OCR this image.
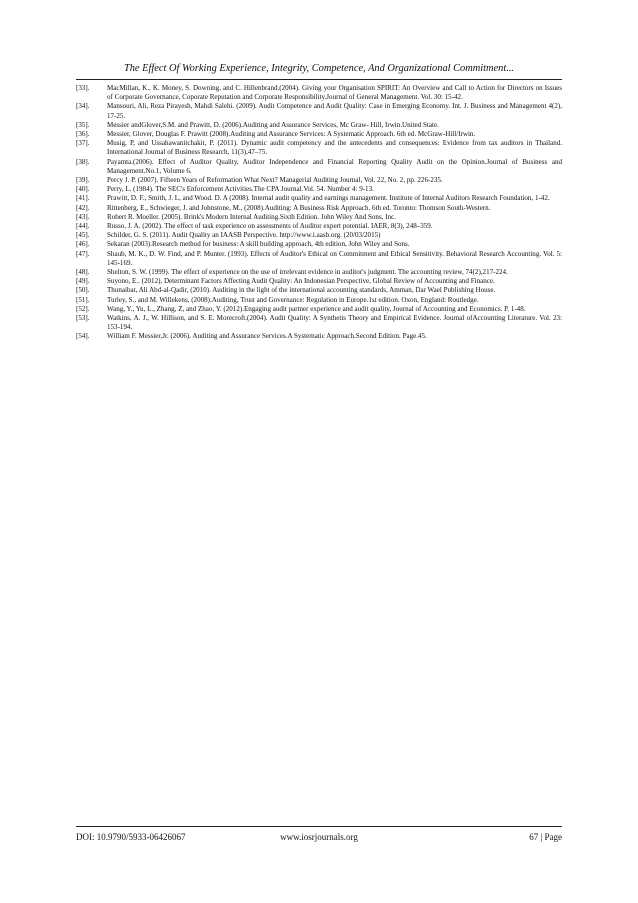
The Effect Of Working Experience, Integrity, Competence, And Organizational Commitment...
[33].	MacMillan, K., K. Money, S. Downing, and C. Hillenbrand.(2004). Giving your Organisation SPIRIT: An Overview and Call to Action for Directors on Issues of Corporate Governance, Coporate Reputation and Corporate Responsibility.Journal of General Management. Vol. 30: 15-42.
[34].	Mansouri, Ali, Reza Pirayesh, Mahdi Salehi. (2009). Audit Competence and Audit Quality: Case in Emerging Economy. Int. J. Business and Management 4(2), 17-25.
[35].	Messier andGlover,S.M. and Prawitt, D. (2006).Auditing and Assurance Services, Mc Graw- Hill, Irwin.United State.
[36].	Messier, Glover, Douglas F. Prawitt (2008).Auditing and Assurance Services: A Systematic Approach. 6th ed. McGraw-Hill/Irwin.
[37].	Musig, P, and Ussahawanitchakit, P. (2011). Dynamic audit competency and the antecedents and consequences: Evidence from tax auditors in Thailand. International Journal of Business Research, 11(3),47–75.
[38].	Payamta.(2006). Effect of Auditor Quality, Auditor Independence and Financial Reporting Quality Audit on the Opinion.Journal of Business and Management.No.1, Volume 6.
[39].	Percy J. P. (2007). Fifteen Years of Reformation What Next? Managerial Auditing Journal, Vol. 22, No. 2, pp. 226-235.
[40].	Perry, L. (1984). The SEC's Enforcement Activities.The CPA Journal.Vol. 54. Number 4: 9-13.
[41].	Prawitt, D. F., Smith, J. L, and Wood. D. A (2008). Internal audit quality and earnings management. Institute of Internal Auditors Research Foundation, 1-42.
[42].	Rittenberg, E., Schwieger, J. and Johnstone, M., (2008).Auditing: A Business Risk Approach. 6th ed. Toronto: Thomson South-Western.
[43].	Robert R. Moeller. (2005). Brink's Modern Internal Auditing.Sixth Edition. John Wiley And Sons, Inc.
[44].	Russo, J. A. (2002). The effect of task experience on assessments of Auditor expert potential. IAER, 8(3), 248–359.
[45].	Schilder, G. S. (2011). Audit Quality an IAASB Perspective. http://www.i.aasb.org. (20/03/2015)
[46].	Sekaran (2003).Research method for business: A skill building approach, 4th edition, John Wiley and Sons.
[47].	Shaub, M. K., D. W. Find, and P. Munter. (1993). Effects of Auditor's Ethical on Commitment and Ethical Sensitivity. Behavioral Research Accounting. Vol. 5: 145-169.
[48].	Shelton, S. W. (1999). The effect of experience on the use of irrelevant evidence in auditor's judgment. The accounting review, 74(2),217-224.
[49].	Suyono, E.. (2012), Determinant Factors Affecting Audit Quality: An Indonesian Perspective, Global Review of Accounting and Finance.
[50].	Thunaibat, Ali Abd-al-Qadir, (2010). Auditing in the light of the international accounting standards, Amman, Dar Wael Publishing House.
[51].	Turley, S., and M. Willekens, (2008).Auditing, Trust and Governance: Regulation in Europe.1st edition. Oxon, England: Routledge.
[52].	Wang, Y., Yu, L., Zhang, Z, and Zhao, Y. (2012).Engaging audit partner experience and audit quality, Journal of Accounting and Economics. P. 1-48.
[53].	Watkins, A. J., W. Hillison, and S. E. Morecroft.(2004). Audit Quality: A Synthetis Theory and Empirical Evidence. Journal ofAccounting Literature. Vol. 23: 153-194.
[54].	William F. Messier,Jr. (2006). Auditing and Assurance Services.A Systematic Approach.Second Edition. Page.45.
DOI: 10.9790/5933-06426067	www.iosrjournals.org	67 | Page
